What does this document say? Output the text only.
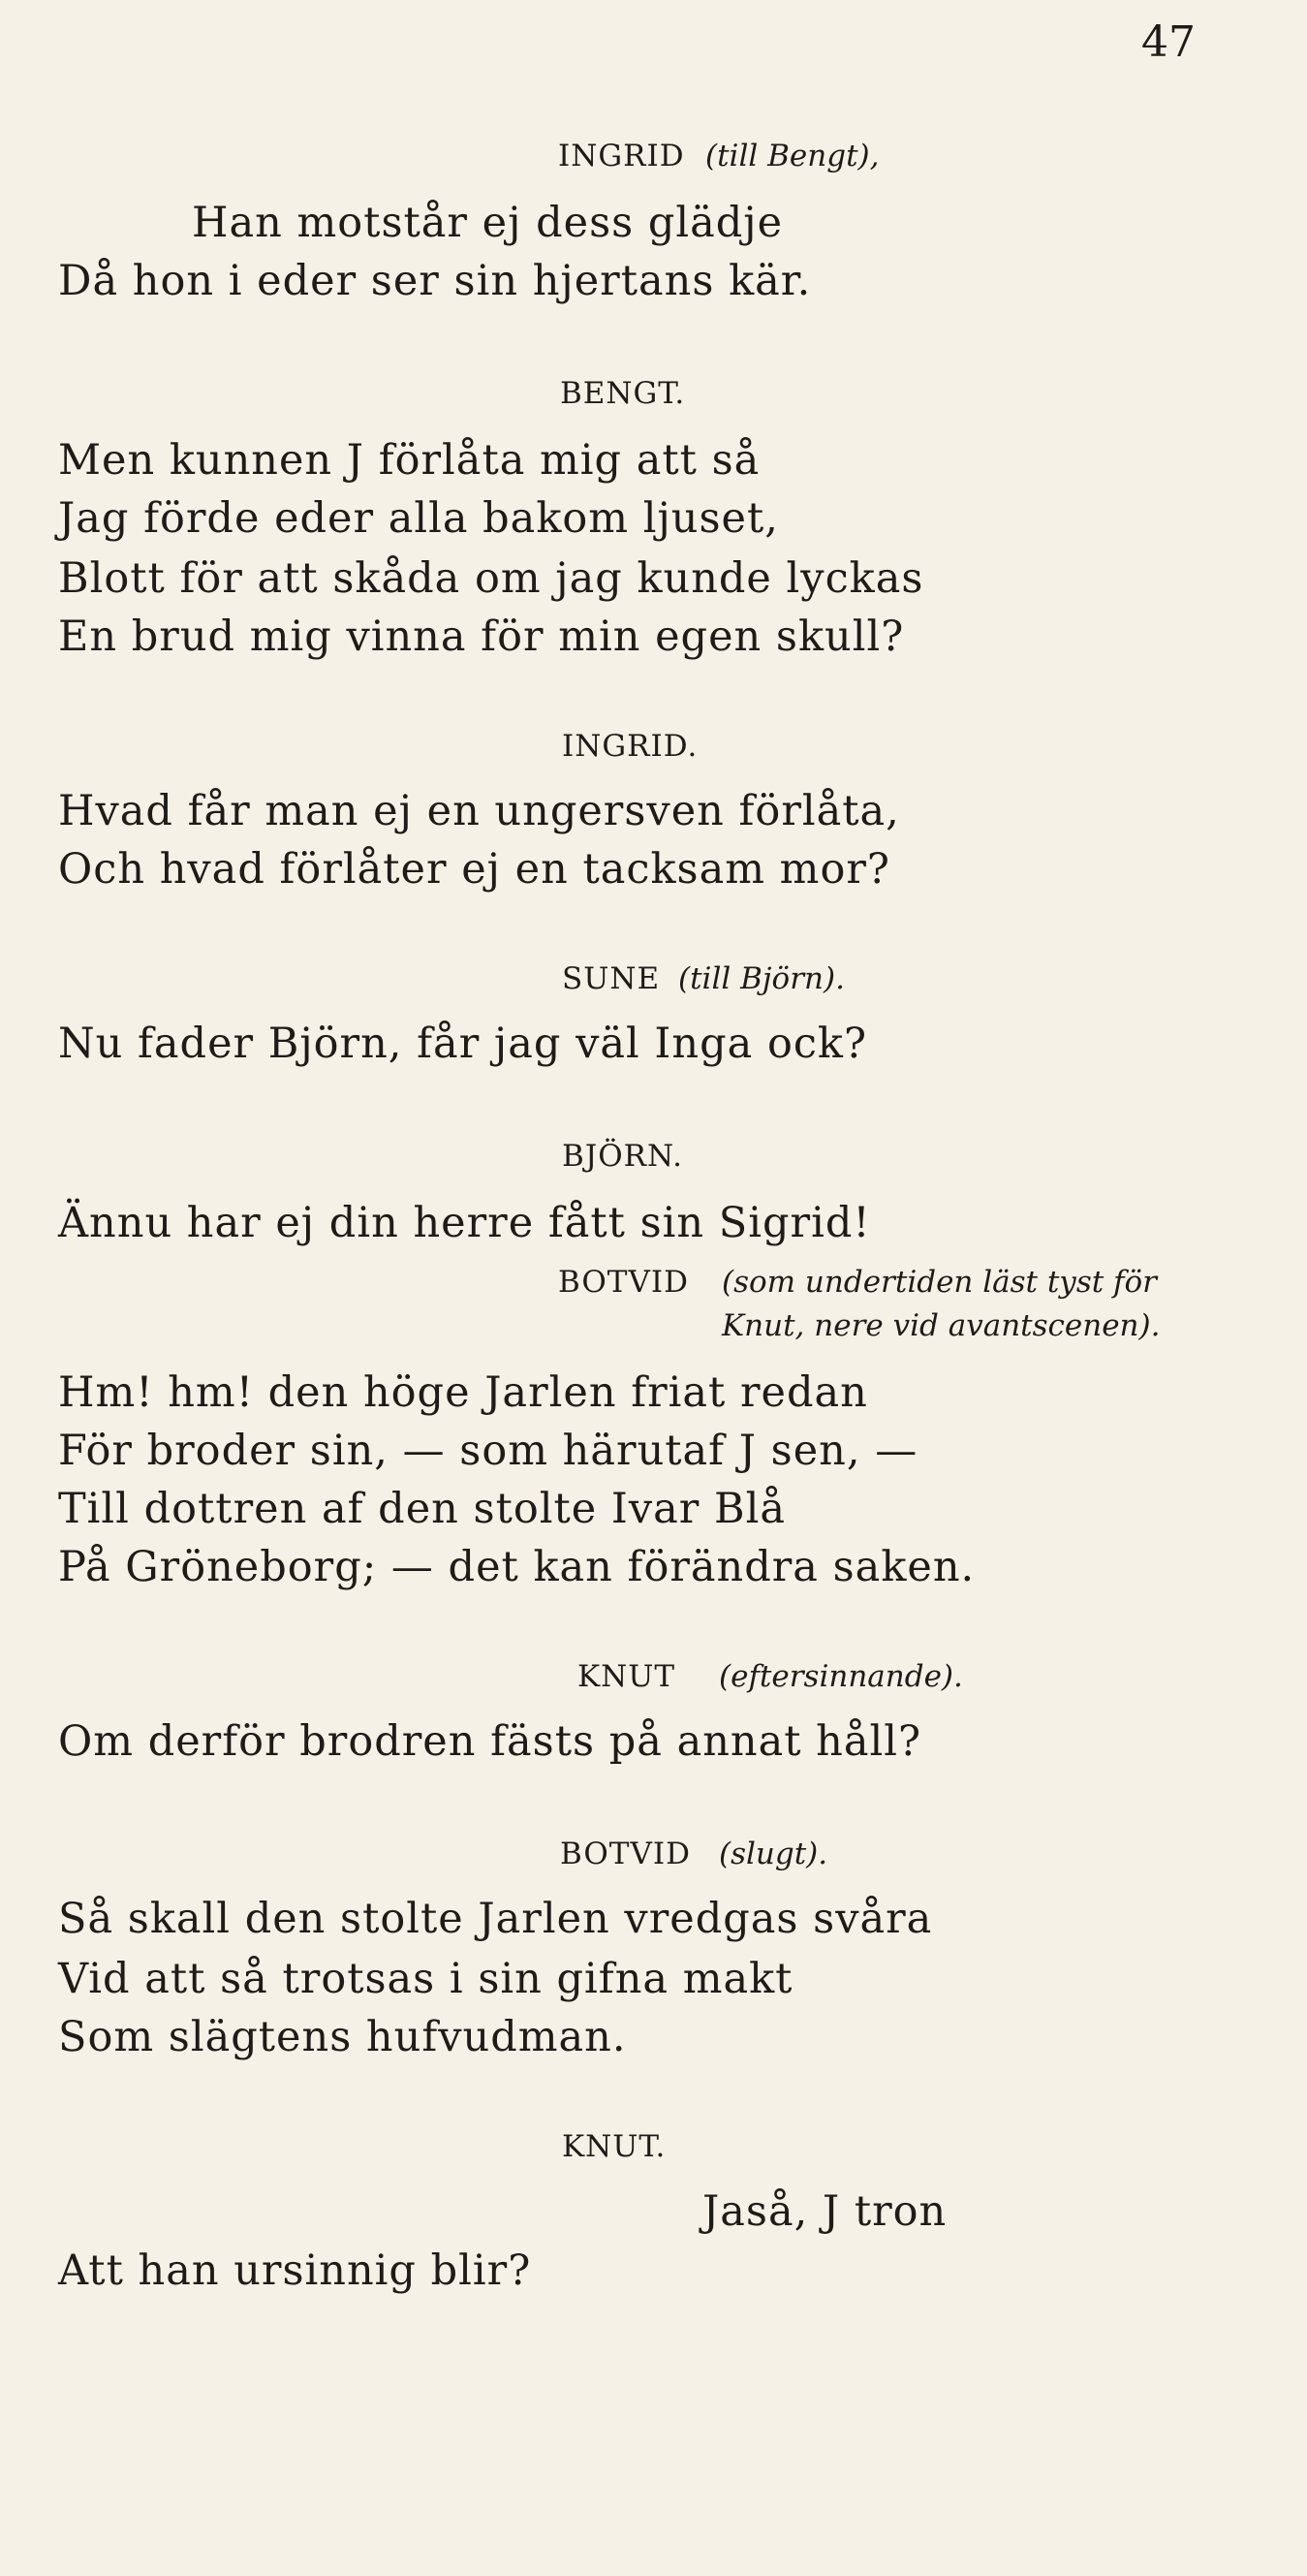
47
INGRID (till Bengt),
Han motstår ej dess glädje
Då hon i eder ser sin hjertans kär.
BENGT.
Men kunnen J förlåta mig att så
Jag förde eder alla bakom ljuset,
Blott för att skåda om jag kunde lyckas
En brud mig vinna för min egen skull?
INGRID.
Hvad får man ej en ungersven förlåta,
Och hvad förlåter ej en tacksam mor?
SUNE (till Björn).
Nu fader Björn, får jag väl Inga ock?
BJÖRN.
Ännu har ej din herre fått sin Sigrid!
BOTVID (som undertiden läst tyst för
Knut, nere vid avantscenen).
Hm! hm! den höge Jarlen friat redan
För broder sin, — som härutaf J sen, —
Till dottren af den stolte Ivar Blå
På Gröneborg; — det kan förändra saken.
KNUT (eftersinnande).
Om derför brodren fästs på annat håll?
BOTVID (slugt).
Så skall den stolte Jarlen vredgas svåra
Vid att så trotsas i sin gifna makt
Som slägtens hufvudman.
KNUT.
Jaså, J tron
Att han ursinnig blir?
